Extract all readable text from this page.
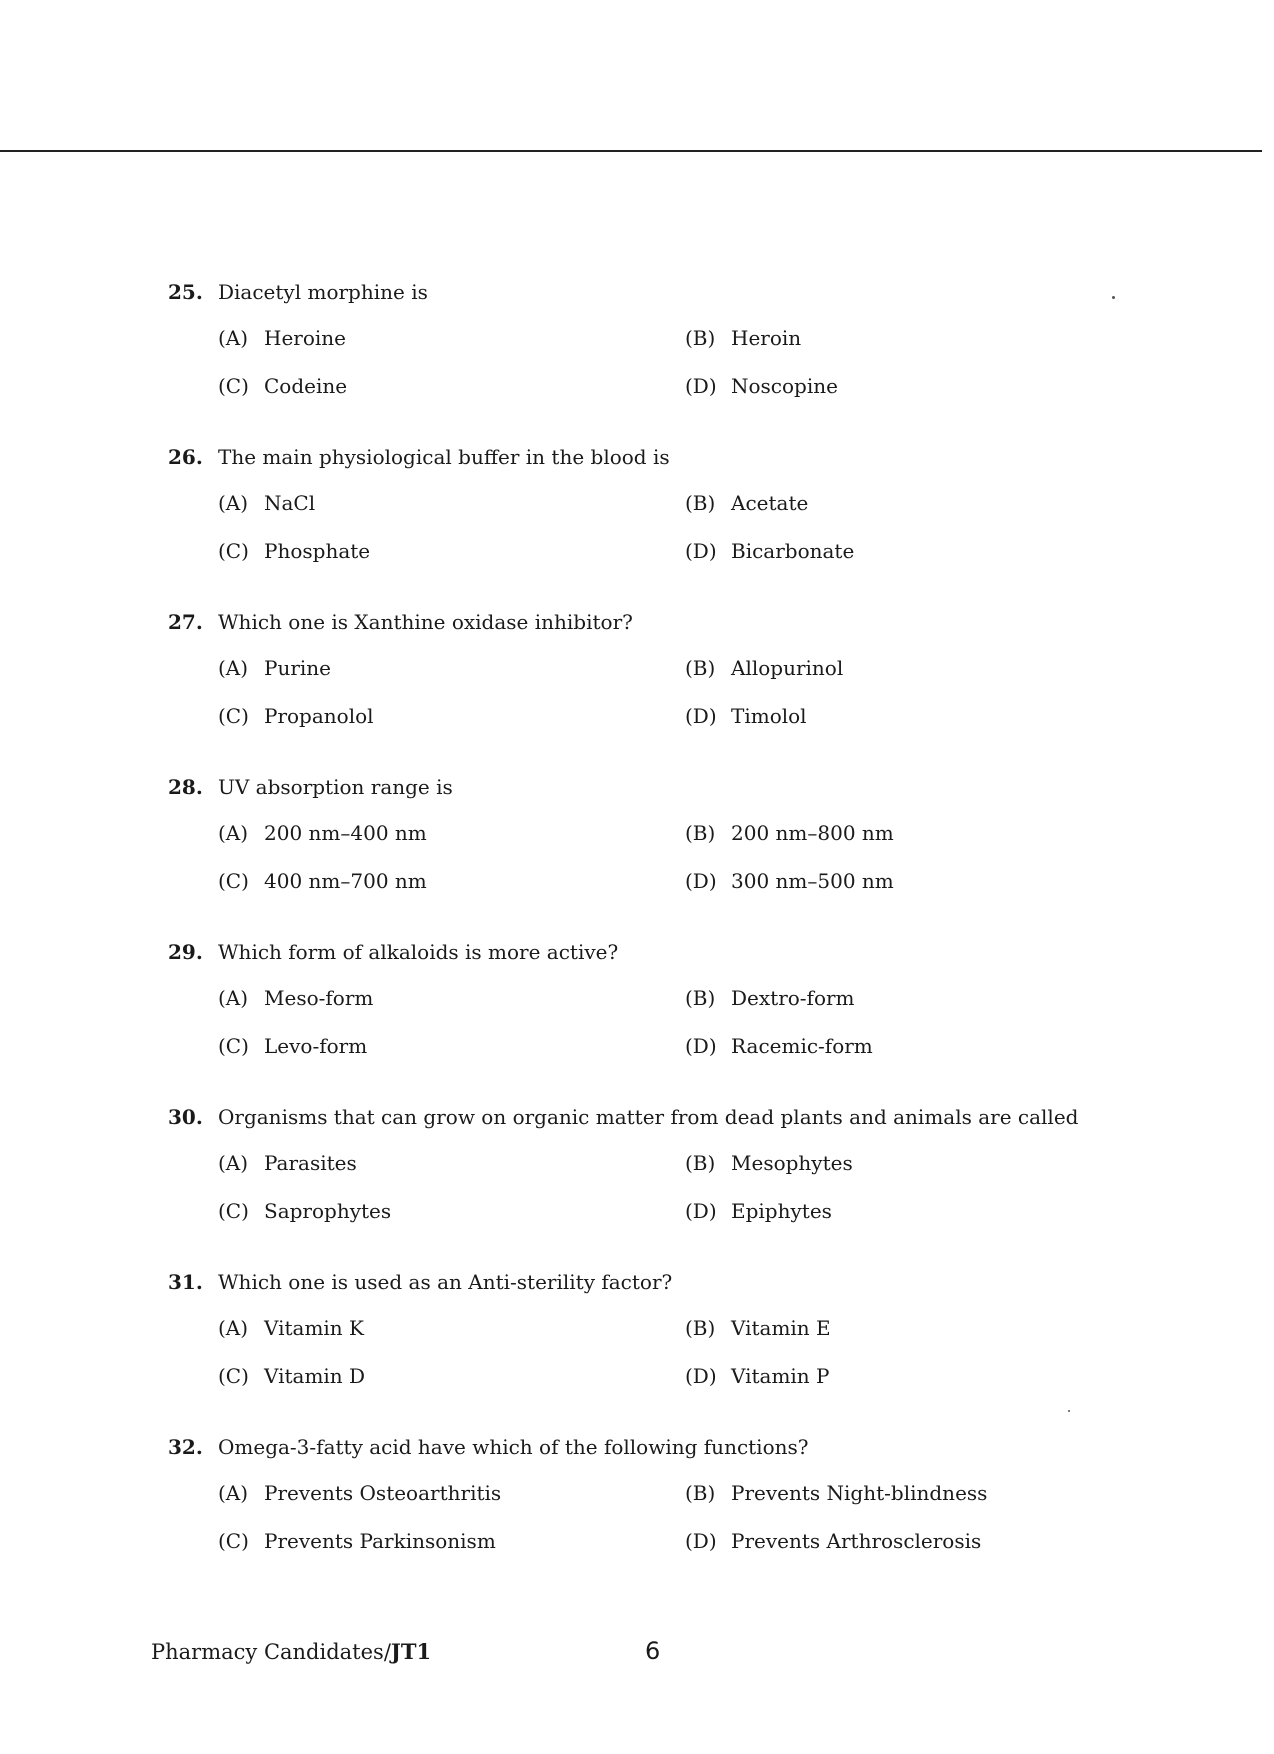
25. Diacetyl morphine is
(A) Heroine	(B) Heroin
(C) Codeine	(D) Noscopine
26. The main physiological buffer in the blood is
(A) NaCl	(B) Acetate
(C) Phosphate	(D) Bicarbonate
27. Which one is Xanthine oxidase inhibitor?
(A) Purine	(B) Allopurinol
(C) Propanolol	(D) Timolol
28. UV absorption range is
(A) 200 nm–400 nm	(B) 200 nm–800 nm
(C) 400 nm–700 nm	(D) 300 nm–500 nm
29. Which form of alkaloids is more active?
(A) Meso-form	(B) Dextro-form
(C) Levo-form	(D) Racemic-form
30. Organisms that can grow on organic matter from dead plants and animals are called
(A) Parasites	(B) Mesophytes
(C) Saprophytes	(D) Epiphytes
31. Which one is used as an Anti-sterility factor?
(A) Vitamin K	(B) Vitamin E
(C) Vitamin D	(D) Vitamin P
32. Omega-3-fatty acid have which of the following functions?
(A) Prevents Osteoarthritis	(B) Prevents Night-blindness
(C) Prevents Parkinsonism	(D) Prevents Arthrosclerosis
Pharmacy Candidates/JT1	6
